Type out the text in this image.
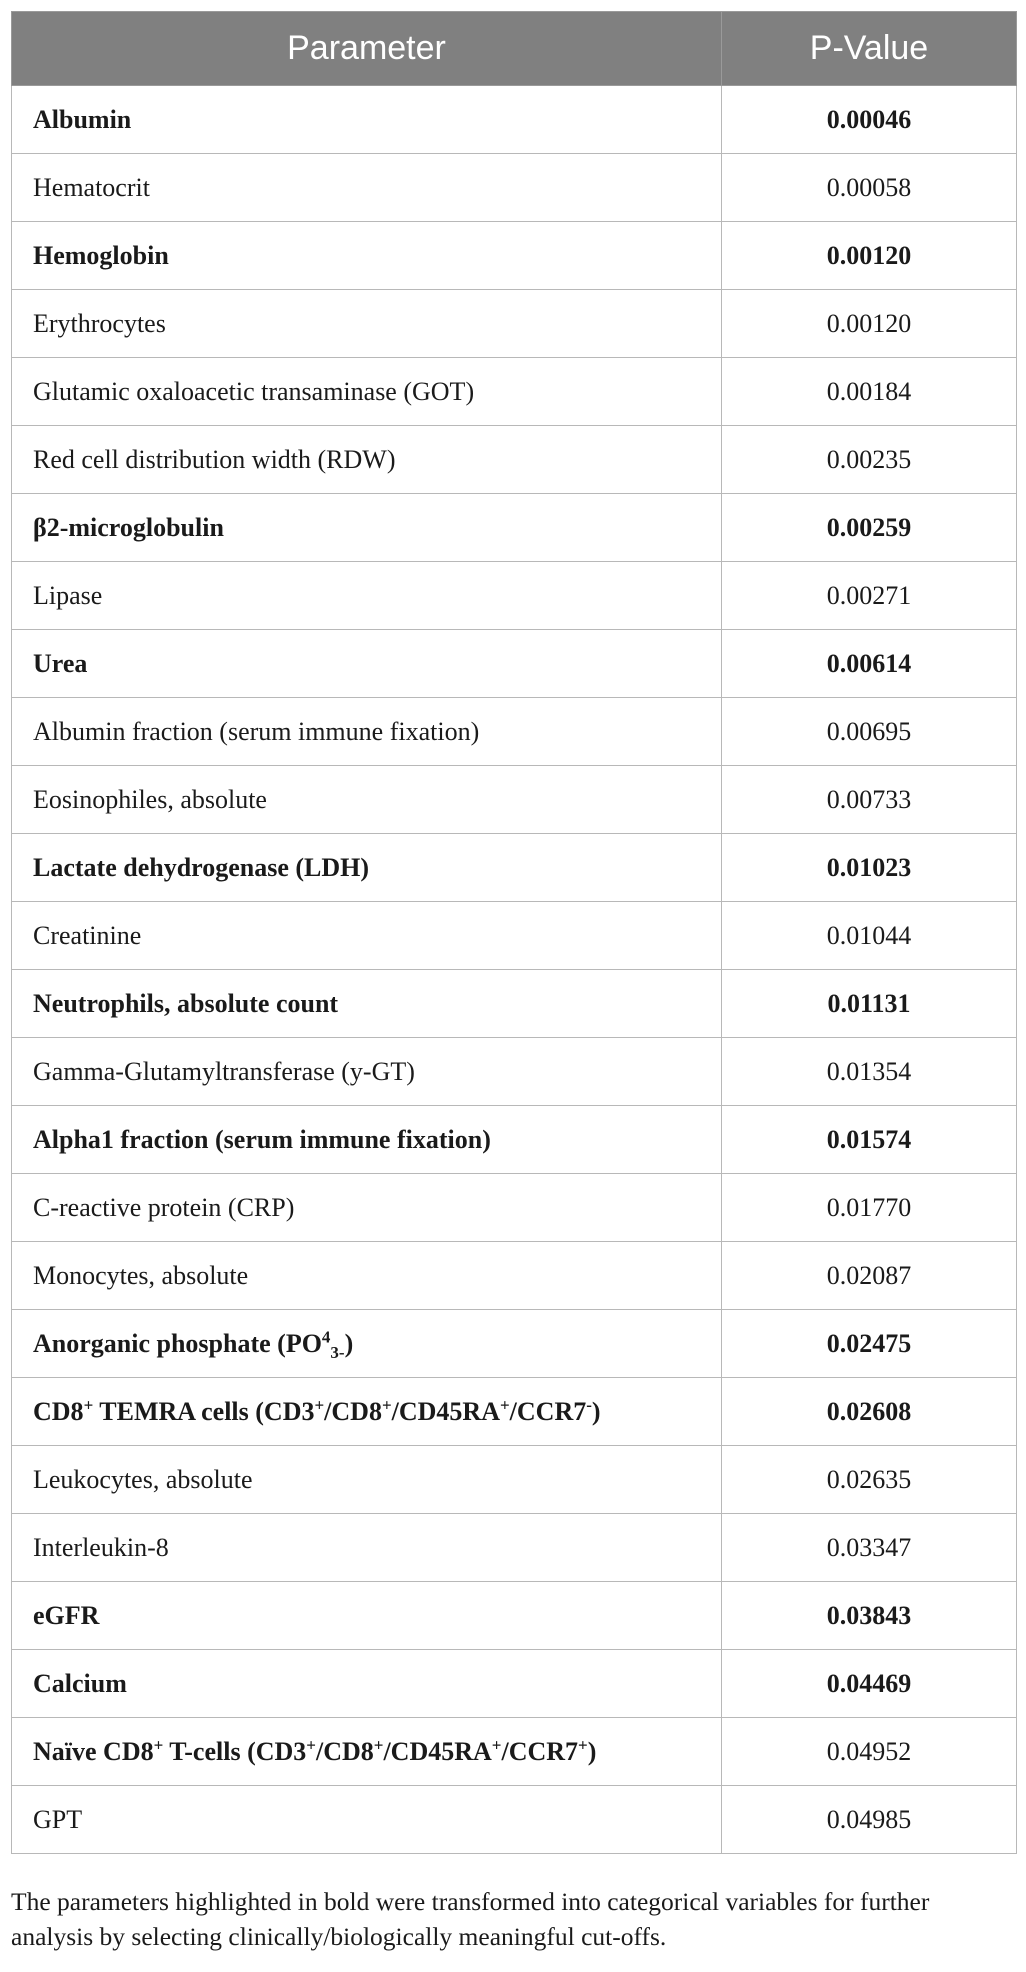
Parameter	P-Value
Albumin	0.00046
Hematocrit	0.00058
Hemoglobin	0.00120
Erythrocytes	0.00120
Glutamic oxaloacetic transaminase (GOT)	0.00184
Red cell distribution width (RDW)	0.00235
β2-microglobulin	0.00259
Lipase	0.00271
Urea	0.00614
Albumin fraction (serum immune fixation)	0.00695
Eosinophiles, absolute	0.00733
Lactate dehydrogenase (LDH)	0.01023
Creatinine	0.01044
Neutrophils, absolute count	0.01131
Gamma-Glutamyltransferase (y-GT)	0.01354
Alpha1 fraction (serum immune fixation)	0.01574
C-reactive protein (CRP)	0.01770
Monocytes, absolute	0.02087
Anorganic phosphate $(PO^4_{3-})$	0.02475
CD8+ TEMRA cells (CD3+/CD8+/CD45RA+/CCR7-)	0.02608
Leukocytes, absolute	0.02635
Interleukin-8	0.03347
eGFR	0.03843
Calcium	0.04469
Naïve CD8+ T-cells (CD3+/CD8+/CD45RA+/CCR7+)	0.04952
GPT	0.04985
The parameters highlighted in bold were transformed into categorical variables for further analysis by selecting clinically/biologically meaningful cut-offs.
